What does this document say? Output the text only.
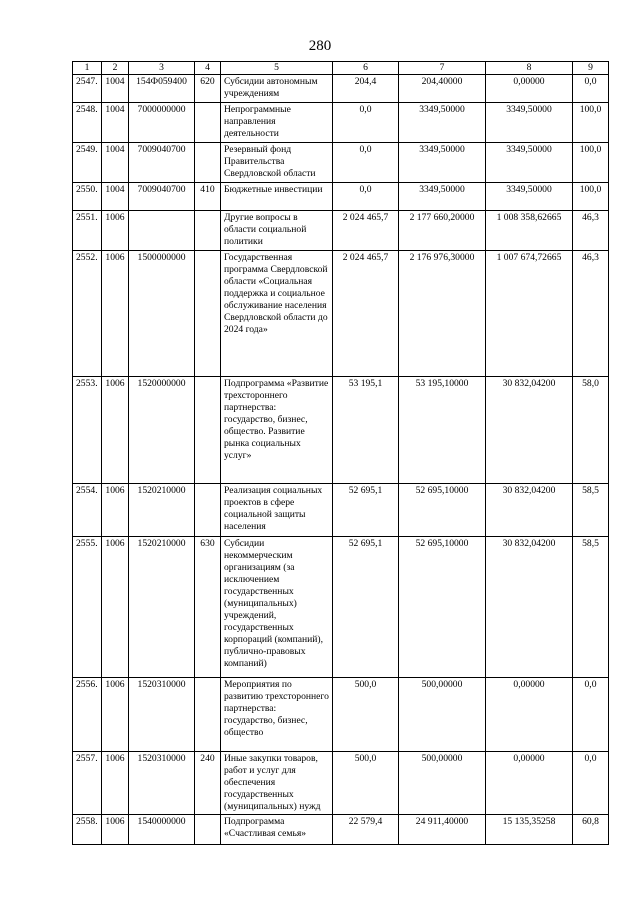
280
1	2	3	4	5	6	7	8	9
2547.	1004	154Ф059400	620	Субсидии автономным учреждениям	204,4	204,40000	0,00000	0,0
2548.	1004	7000000000		Непрограммные направления деятельности	0,0	3349,50000	3349,50000	100,0
2549.	1004	7009040700		Резервный фонд Правительства Свердловской области	0,0	3349,50000	3349,50000	100,0
2550.	1004	7009040700	410	Бюджетные инвестиции	0,0	3349,50000	3349,50000	100,0
2551.	1006			Другие вопросы в области социальной политики	2 024 465,7	2 177 660,20000	1 008 358,62665	46,3
2552.	1006	1500000000		Государственная программа Свердловской области «Социальная поддержка и социальное обслуживание населения Свердловской области до 2024 года»	2 024 465,7	2 176 976,30000	1 007 674,72665	46,3
2553.	1006	1520000000		Подпрограмма «Развитие трехстороннего партнерства: государство, бизнес, общество. Развитие рынка социальных услуг»	53 195,1	53 195,10000	30 832,04200	58,0
2554.	1006	1520210000		Реализация социальных проектов в сфере социальной защиты населения	52 695,1	52 695,10000	30 832,04200	58,5
2555.	1006	1520210000	630	Субсидии некоммерческим организациям (за исключением государственных (муниципальных) учреждений, государственных корпораций (компаний), публично-правовых компаний)	52 695,1	52 695,10000	30 832,04200	58,5
2556.	1006	1520310000		Мероприятия по развитию трехстороннего партнерства: государство, бизнес, общество	500,0	500,00000	0,00000	0,0
2557.	1006	1520310000	240	Иные закупки товаров, работ и услуг для обеспечения государственных (муниципальных) нужд	500,0	500,00000	0,00000	0,0
2558.	1006	1540000000		Подпрограмма «Счастливая семья»	22 579,4	24 911,40000	15 135,35258	60,8
